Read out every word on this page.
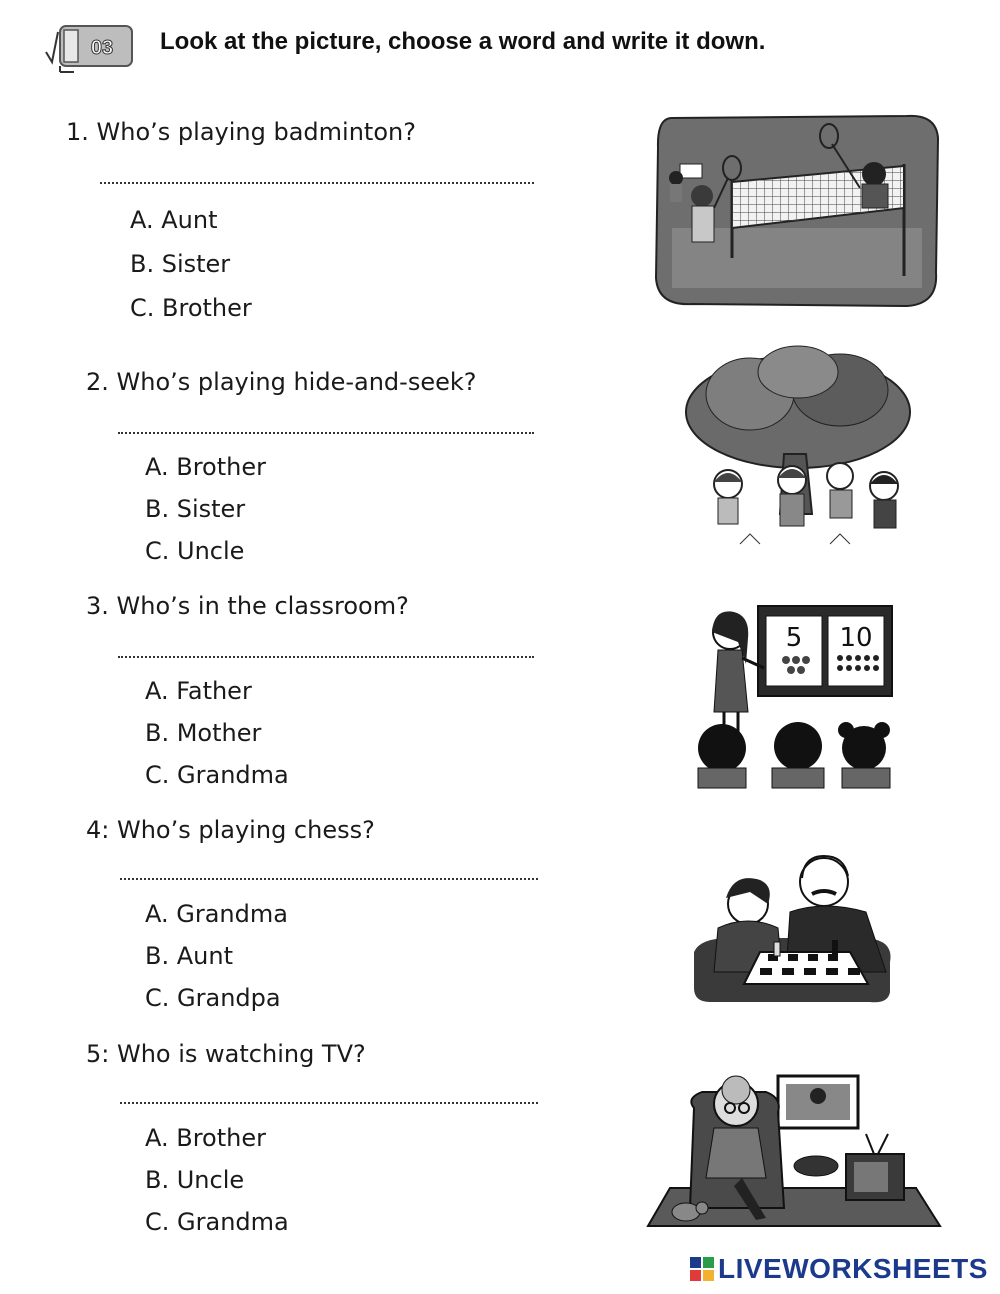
03 Look at the picture, choose a word and write it down.
1. Who’s playing badminton?
A. Aunt
B. Sister
C. Brother
2. Who’s playing hide-and-seek?
A. Brother
B. Sister
C. Uncle
3. Who’s in the classroom?
A. Father
B. Mother
C. Grandma
5 10
4: Who’s playing chess?
A. Grandma
B. Aunt
C. Grandpa
5: Who is watching TV?
A. Brother
B. Uncle
C. Grandma
LIVEWORKSHEETS
